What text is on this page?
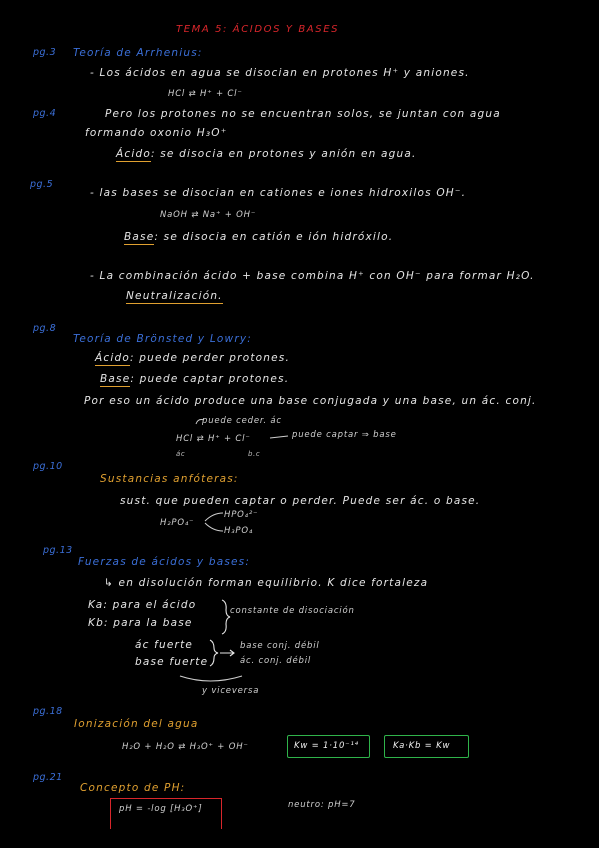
TEMA 5: ÁCIDOS Y BASES
pg.3 Teoría de Arrhenius:
- Los ácidos en agua se disocian en protones H⁺ y aniones.
HCl ⇄ H⁺ + Cl⁻
pg.4	Pero los protones no se encuentran solos, se juntan con agua
formando oxonio H₃O⁺
Ácido: se disocia en protones y anión en agua.
pg.5
- las bases se disocian en cationes e iones hidroxilos OH⁻.
NaOH ⇄ Na⁺ + OH⁻
Base: se disocia en catión e ión hidróxilo.
- La combinación ácido + base combina H⁺ con OH⁻ para formar H₂O.
Neutralización.
pg.8
Teoría de Brönsted y Lowry:
Ácido: puede perder protones.
Base: puede captar protones.
Por eso un ácido produce una base conjugada y una base, un ác. conj.
puede ceder. ác
HCl ⇄ H⁺ + Cl⁻	puede captar ⇒ base
ác	b.c
pg.10
Sustancias anfóteras:
sust. que pueden captar o perder. Puede ser ác. o base.
H₂PO₄⁻
HPO₄²⁻
H₃PO₄
pg.13
Fuerzas de ácidos y bases:
↳ en disolución forman equilibrio. K dice fortaleza
Ka: para el ácido
Kb: para la base
constante de disociación
ác fuerte
base fuerte
base conj. débil
ác. conj. débil
y viceversa
pg.18
Ionización del agua
H₂O + H₂O ⇄ H₃O⁺ + OH⁻	Kw = 1·10⁻¹⁴	Ka·Kb = Kw
pg.21
Concepto de PH:
pH = -log [H₃O⁺]	neutro: pH=7
